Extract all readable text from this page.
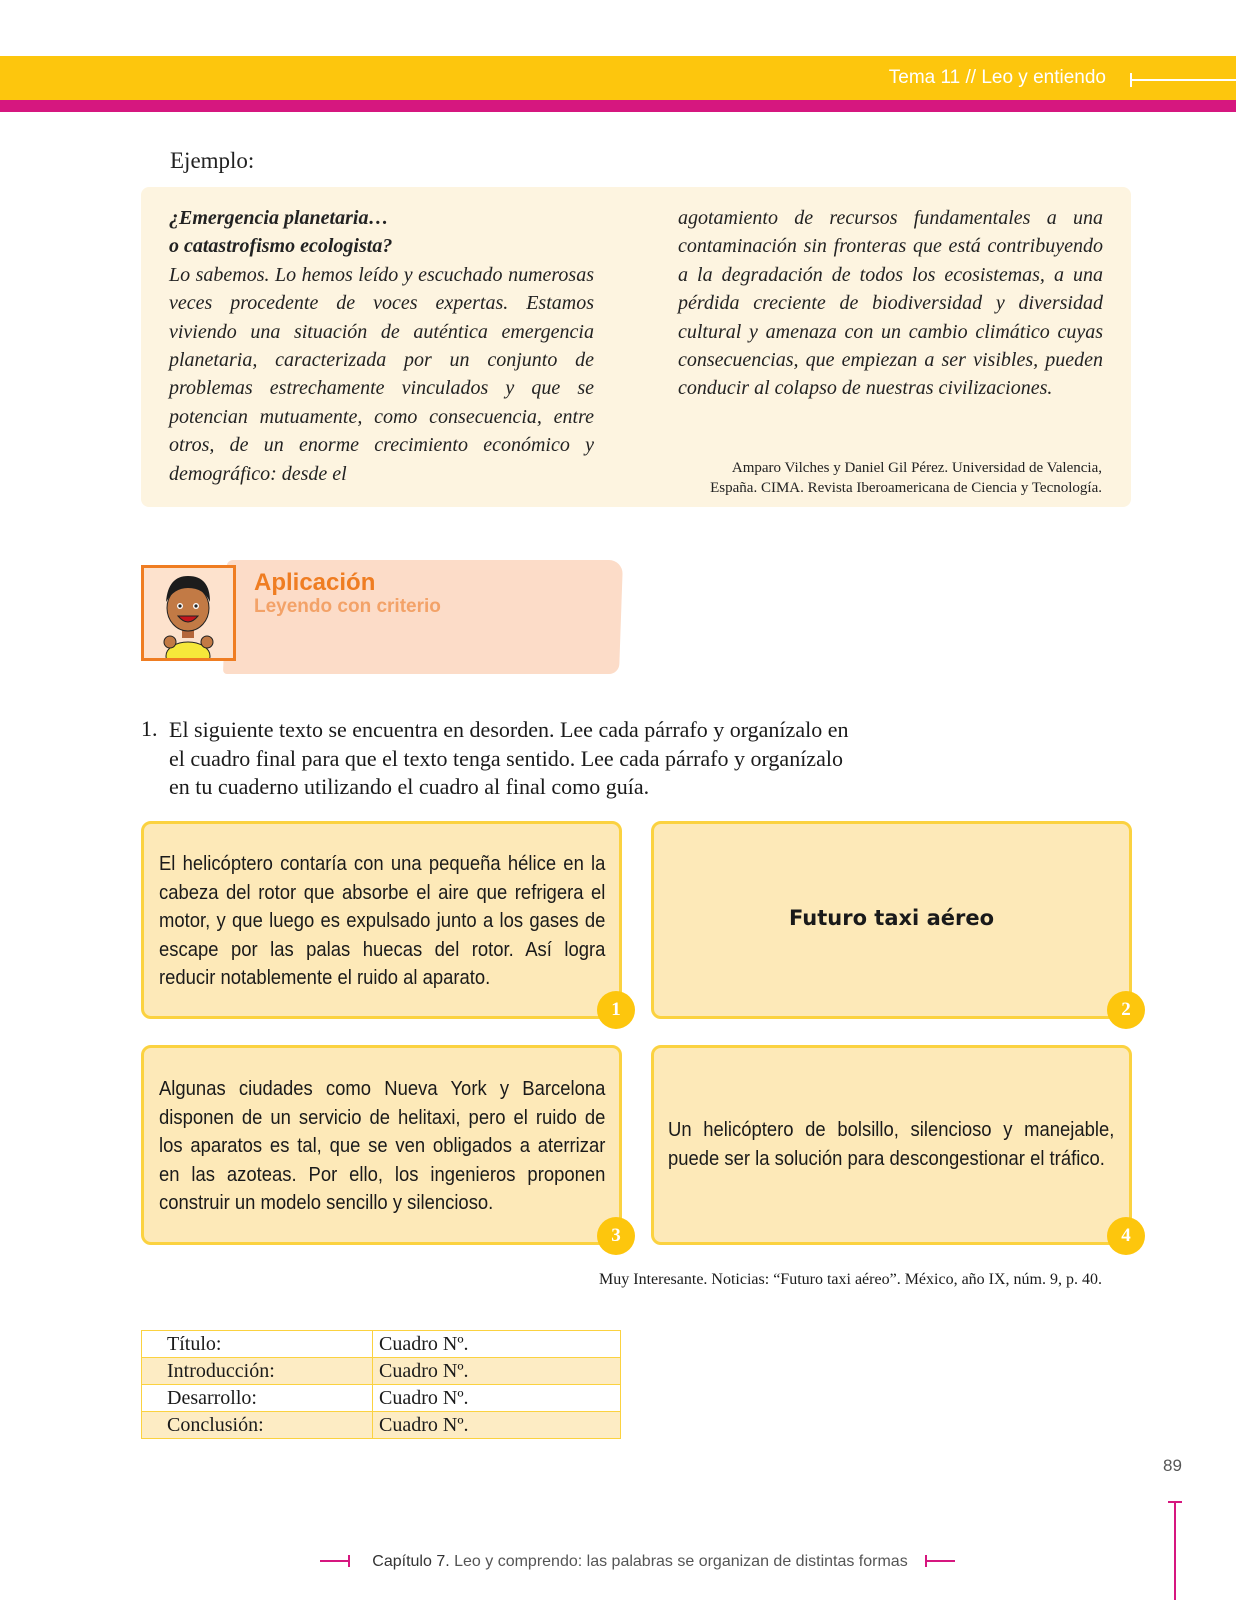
Tema 11 // Leo y entiendo
Ejemplo:
¿Emergencia planetaria…
o catastrofismo ecologista?
Lo sabemos. Lo hemos leído y escuchado numerosas veces procedente de voces expertas. Estamos viviendo una situación de auténtica emergencia planetaria, caracterizada por un conjunto de problemas estrechamente vinculados y que se potencian mutuamente, como consecuencia, entre otros, de un enorme crecimiento económico y demográfico: desde el
agotamiento de recursos fundamentales a una contaminación sin fronteras que está contribuyendo a la degradación de todos los ecosistemas, a una pérdida creciente de biodiversidad y diversidad cultural y amenaza con un cambio climático cuyas consecuencias, que empiezan a ser visibles, pueden conducir al colapso de nuestras civilizaciones.
Amparo Vilches y Daniel Gil Pérez. Universidad de Valencia,
España. CIMA. Revista Iberoamericana de Ciencia y Tecnología.
Aplicación
Leyendo con criterio
1. El siguiente texto se encuentra en desorden. Lee cada párrafo y organízalo en el cuadro final para que el texto tenga sentido. Lee cada párrafo y organízalo en tu cuaderno utilizando el cuadro al final como guía.
El helicóptero contaría con una pequeña hélice en la cabeza del rotor que absorbe el aire que refrigera el motor, y que luego es expulsado junto a los gases de escape por las palas huecas del rotor. Así logra reducir notablemente el ruido al aparato.
1
Futuro taxi aéreo
2
Algunas ciudades como Nueva York y Barcelona disponen de un servicio de helitaxi, pero el ruido de los aparatos es tal, que se ven obligados a aterrizar en las azoteas. Por ello, los ingenieros proponen construir un modelo sencillo y silencioso.
3
Un helicóptero de bolsillo, silencioso y manejable, puede ser la solución para descongestionar el tráfico.
4
Muy Interesante. Noticias: “Futuro taxi aéreo”. México, año IX, núm. 9, p. 40.
Título:	Cuadro Nº.
Introducción:	Cuadro Nº.
Desarrollo:	Cuadro Nº.
Conclusión:	Cuadro Nº.
89
Capítulo 7. Leo y comprendo: las palabras se organizan de distintas formas
